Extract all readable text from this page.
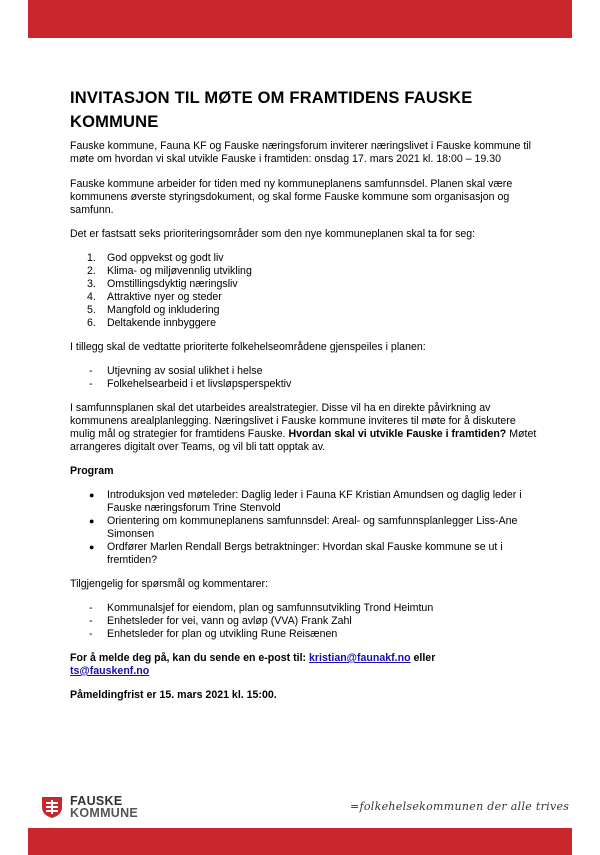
INVITASJON TIL MØTE OM FRAMTIDENS FAUSKE KOMMUNE

Fauske kommune, Fauna KF og Fauske næringsforum inviterer næringslivet i Fauske kommune til møte om hvordan vi skal utvikle Fauske i framtiden: onsdag 17. mars 2021 kl. 18:00 – 19.30

Fauske kommune arbeider for tiden med ny kommuneplanens samfunnsdel. Planen skal være kommunens øverste styringsdokument, og skal forme Fauske kommune som organisasjon og samfunn.

Det er fastsatt seks prioriteringsområder som den nye kommuneplanen skal ta for seg:

1. God oppvekst og godt liv
2. Klima- og miljøvennlig utvikling
3. Omstillingsdyktig næringsliv
4. Attraktive nyer og steder
5. Mangfold og inkludering
6. Deltakende innbyggere

I tillegg skal de vedtatte prioriterte folkehelseområdene gjenspeiles i planen:

- Utjevning av sosial ulikhet i helse
- Folkehelsearbeid i et livsløpsperspektiv

I samfunnsplanen skal det utarbeides arealstrategier. Disse vil ha en direkte påvirkning av kommunens arealplanlegging. Næringslivet i Fauske kommune inviteres til møte for å diskutere mulig mål og strategier for framtidens Fauske. Hvordan skal vi utvikle Fauske i framtiden? Møtet arrangeres digitalt over Teams, og vil bli tatt opptak av.

Program

● Introduksjon ved møteleder: Daglig leder i Fauna KF Kristian Amundsen og daglig leder i Fauske næringsforum Trine Stenvold
● Orientering om kommuneplanens samfunnsdel: Areal- og samfunnsplanlegger Liss-Ane Simonsen
● Ordfører Marlen Rendall Bergs betraktninger: Hvordan skal Fauske kommune se ut i fremtiden?

Tilgjengelig for spørsmål og kommentarer:

- Kommunalsjef for eiendom, plan og samfunnsutvikling Trond Heimtun
- Enhetsleder for vei, vann og avløp (VVA) Frank Zahl
- Enhetsleder for plan og utvikling Rune Reisænen

For å melde deg på, kan du sende en e-post til: kristian@faunakf.no eller
ts@fauskenf.no

Påmeldingfrist er 15. mars 2021 kl. 15:00.

FAUSKE
KOMMUNE	=folkehelsekommunen der alle trives
